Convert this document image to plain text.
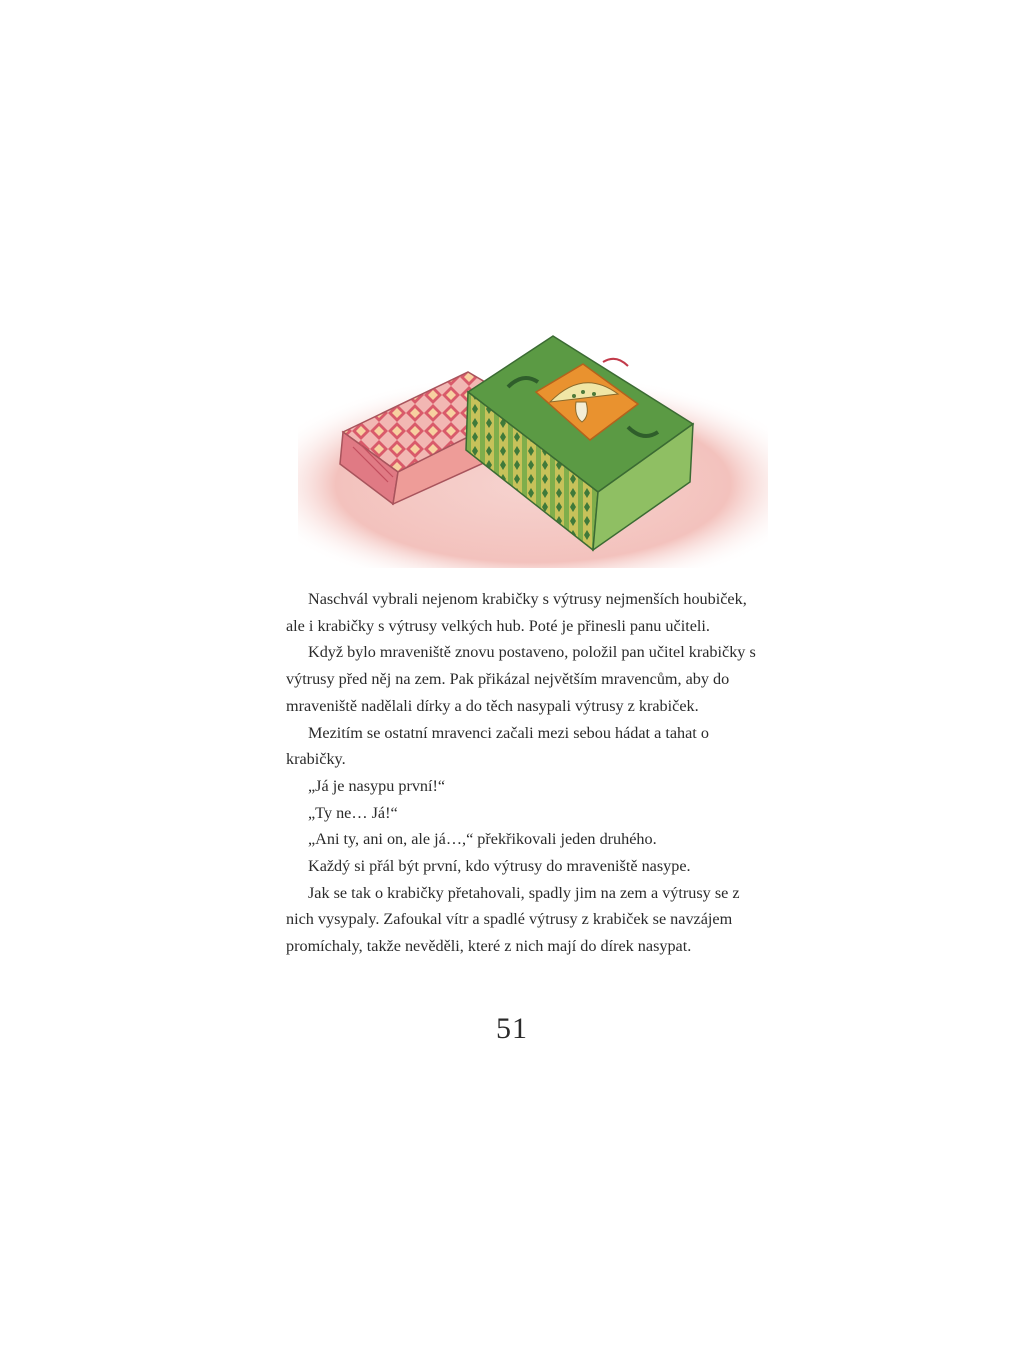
Naschvál vybrali nejenom krabičky s výtrusy nejmenších houbiček, ale i krabičky s výtrusy velkých hub. Poté je přinesli panu učiteli.

Když bylo mraveniště znovu postaveno, položil pan učitel krabičky s výtrusy před něj na zem. Pak přikázal největším mravencům, aby do mraveniště nadělali dírky a do těch nasypali výtrusy z krabiček.

Mezitím se ostatní mravenci začali mezi sebou hádat a tahat o krabičky.

„Já je nasypu první!“

„Ty ne… Já!“

„Ani ty, ani on, ale já…,“ překřikovali jeden druhého.

Každý si přál být první, kdo výtrusy do mraveniště nasype.

Jak se tak o krabičky přetahovali, spadly jim na zem a výtrusy se z nich vysypaly. Zafoukal vítr a spadlé výtrusy z krabiček se navzájem promíchaly, takže nevěděli, které z nich mají do dírek nasypat.

51
